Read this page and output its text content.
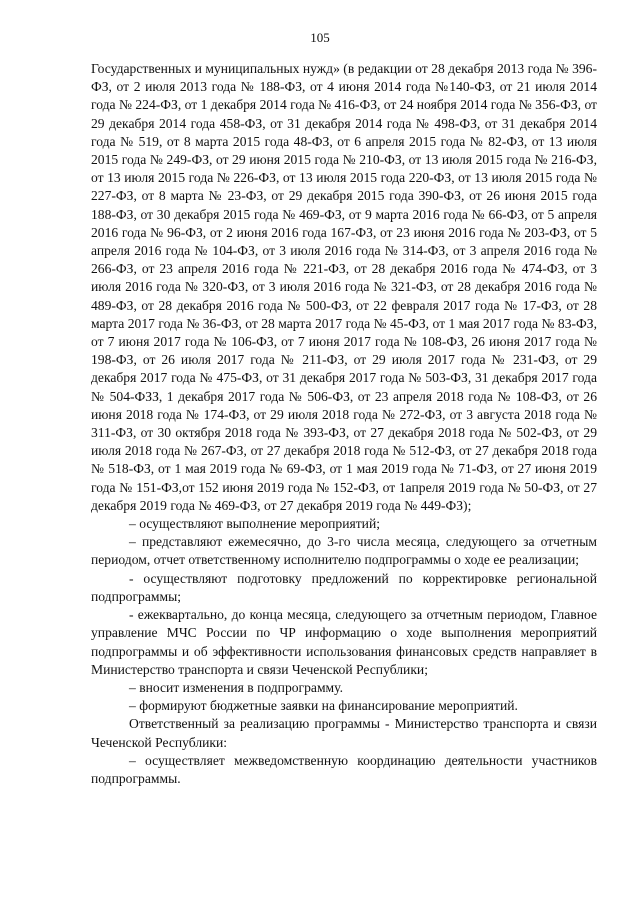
105

Государственных и муниципальных нужд» (в редакции от 28 декабря 2013 года № 396-ФЗ, от 2 июля 2013 года № 188-ФЗ, от 4 июня 2014 года №140-ФЗ, от 21 июля 2014 года № 224-ФЗ, от 1 декабря 2014 года № 416-ФЗ, от 24 ноября 2014 года № 356-ФЗ, от 29 декабря 2014 года 458-ФЗ, от 31 декабря 2014 года № 498-ФЗ, от 31 декабря 2014 года № 519, от 8 марта 2015 года 48-ФЗ, от 6 апреля 2015 года № 82-ФЗ, от 13 июля 2015 года № 249-ФЗ, от 29 июня 2015 года № 210-ФЗ, от 13 июля 2015 года № 216-ФЗ, от 13 июля 2015 года № 226-ФЗ, от 13 июля 2015 года 220-ФЗ, от 13 июля 2015 года № 227-ФЗ, от 8 марта № 23-ФЗ, от 29 декабря 2015 года 390-ФЗ, от 26 июня 2015 года 188-ФЗ, от 30 декабря 2015 года № 469-ФЗ, от 9 марта 2016 года № 66-ФЗ, от 5 апреля 2016 года № 96-ФЗ, от 2 июня 2016 года 167-ФЗ, от 23 июня 2016 года № 203-ФЗ, от 5 апреля 2016 года № 104-ФЗ, от 3 июля 2016 года № 314-ФЗ, от 3 апреля 2016 года № 266-ФЗ, от 23 апреля 2016 года № 221-ФЗ, от 28 декабря 2016 года № 474-ФЗ, от 3 июля 2016 года № 320-ФЗ, от 3 июля 2016 года № 321-ФЗ, от 28 декабря 2016 года № 489-ФЗ, от 28 декабря 2016 года № 500-ФЗ, от 22 февраля 2017 года № 17-ФЗ, от 28 марта 2017 года № 36-ФЗ, от 28 марта 2017 года № 45-ФЗ, от 1 мая 2017 года № 83-ФЗ, от 7 июня 2017 года № 106-ФЗ, от 7 июня 2017 года № 108-ФЗ, 26 июня 2017 года № 198-ФЗ, от 26 июля 2017 года № 211-ФЗ, от 29 июля 2017 года № 231-ФЗ, от 29 декабря 2017 года № 475-ФЗ, от 31 декабря 2017 года № 503-ФЗ, 31 декабря 2017 года № 504-ФЗЗ, 1 декабря 2017 года № 506-ФЗ, от 23 апреля 2018 года № 108-ФЗ, от 26 июня 2018 года № 174-ФЗ, от 29 июля 2018 года № 272-ФЗ, от 3 августа 2018 года № 311-ФЗ, от 30 октября 2018 года № 393-ФЗ, от 27 декабря 2018 года № 502-ФЗ, от 29 июля 2018 года № 267-ФЗ, от 27 декабря 2018 года № 512-ФЗ, от 27 декабря 2018 года № 518-ФЗ, от 1 мая 2019 года № 69-ФЗ, от 1 мая 2019 года № 71-ФЗ, от 27 июня 2019 года № 151-ФЗ,от 152 июня 2019 года № 152-ФЗ, от 1апреля 2019 года № 50-ФЗ, от 27 декабря 2019 года № 469-ФЗ, от 27 декабря 2019 года № 449-ФЗ);

– осуществляют выполнение мероприятий;

– представляют ежемесячно, до 3-го числа месяца, следующего за отчетным периодом, отчет ответственному исполнителю подпрограммы о ходе ее реализации;

- осуществляют подготовку предложений по корректировке региональной подпрограммы;

- ежеквартально, до конца месяца, следующего за отчетным периодом, Главное управление МЧС России по ЧР информацию о ходе выполнения мероприятий подпрограммы и об эффективности использования финансовых средств направляет в Министерство транспорта и связи Чеченской Республики;

– вносит изменения в подпрограмму.

– формируют бюджетные заявки на финансирование мероприятий.

Ответственный за реализацию программы - Министерство транспорта и связи Чеченской Республики:

– осуществляет межведомственную координацию деятельности участников подпрограммы.
